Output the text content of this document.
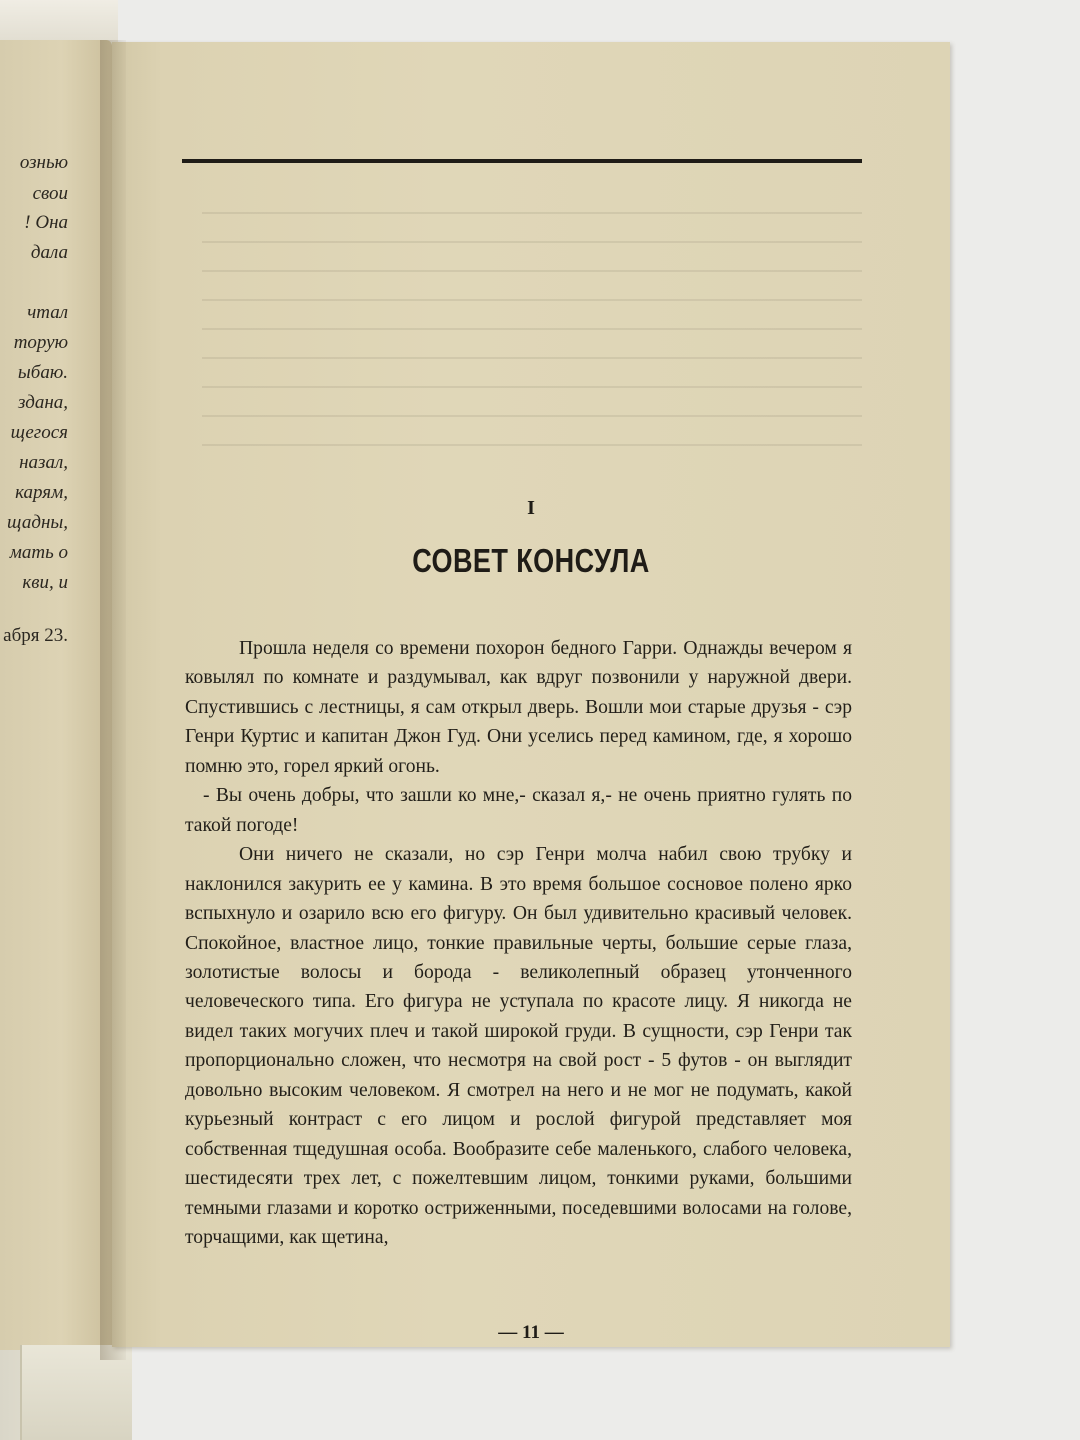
ознью
свои
! Она
дала
чтал
торую
ыбаю.
здана,
щегося
назал,
карям,
щадны,
мать о
кви, и
абря 23.
I
СОВЕТ КОНСУЛА

Прошла неделя со времени похорон бедного Гарри. Однажды вечером я ковылял по комнате и раздумывал, как вдруг позвонили у наружной двери. Спустившись с лестницы, я сам открыл дверь. Вошли мои старые друзья - сэр Генри Куртис и капитан Джон Гуд. Они уселись перед камином, где, я хорошо помню это, горел яркий огонь.

- Вы очень добры, что зашли ко мне,- сказал я,- не очень приятно гулять по такой погоде!

Они ничего не сказали, но сэр Генри молча набил свою трубку и наклонился закурить ее у камина. В это время большое сосновое полено ярко вспыхнуло и озарило всю его фигуру. Он был удивительно красивый человек. Спокойное, властное лицо, тонкие правильные черты, большие серые глаза, золотистые волосы и борода - великолепный образец утонченного человеческого типа. Его фигура не уступала по красоте лицу. Я никогда не видел таких могучих плеч и такой широкой груди. В сущности, сэр Генри так пропорционально сложен, что несмотря на свой рост - 5 футов - он выглядит довольно высоким человеком. Я смотрел на него и не мог не подумать, какой курьезный контраст с его лицом и рослой фигурой представляет моя собственная тщедушная особа. Вообразите себе маленького, слабого человека, шестидесяти трех лет, с пожелтевшим лицом, тонкими руками, большими темными глазами и коротко остриженными, поседевшими волосами на голове, торчащими, как щетина,

— 11 —
